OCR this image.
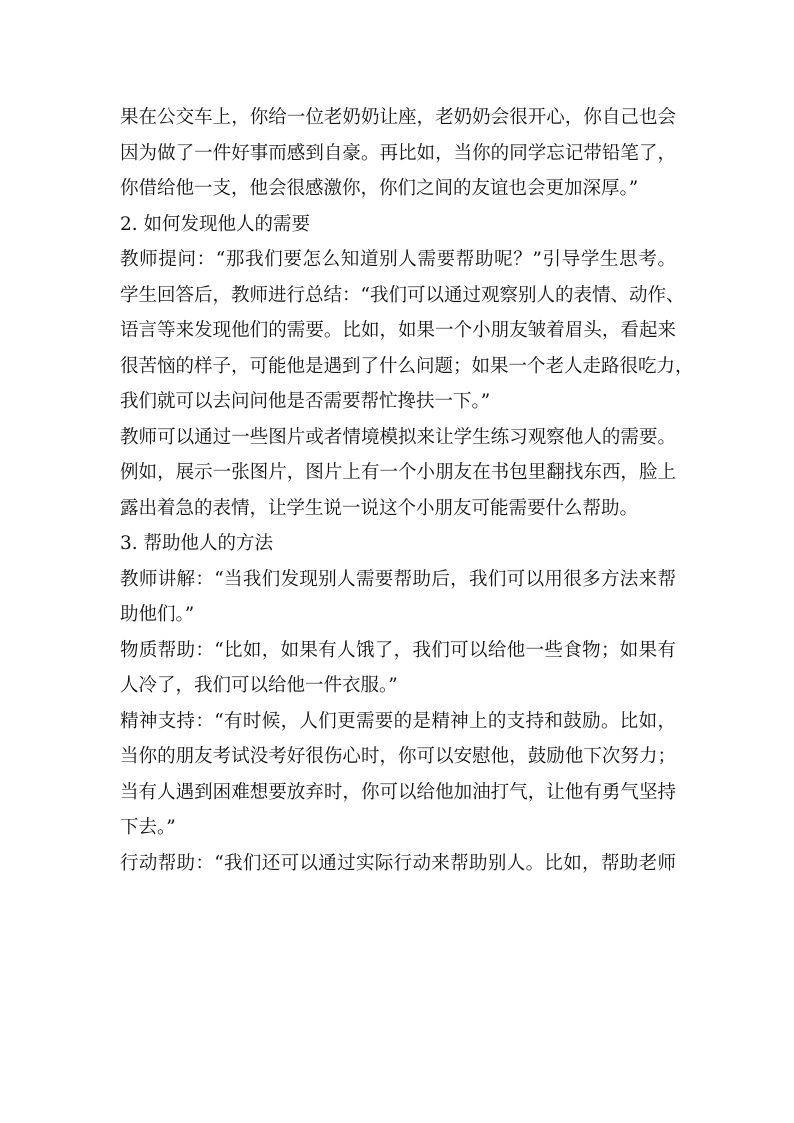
果在公交车上，你给一位老奶奶让座，老奶奶会很开心，你自己也会
因为做了一件好事而感到自豪。再比如，当你的同学忘记带铅笔了，
你借给他一支，他会很感激你，你们之间的友谊也会更加深厚。”
2. 如何发现他人的需要
教师提问：“那我们要怎么知道别人需要帮助呢？”引导学生思考。
学生回答后，教师进行总结：“我们可以通过观察别人的表情、动作、
语言等来发现他们的需要。比如，如果一个小朋友皱着眉头，看起来
很苦恼的样子，可能他是遇到了什么问题；如果一个老人走路很吃力，
我们就可以去问问他是否需要帮忙搀扶一下。”
教师可以通过一些图片或者情境模拟来让学生练习观察他人的需要。
例如，展示一张图片，图片上有一个小朋友在书包里翻找东西，脸上
露出着急的表情，让学生说一说这个小朋友可能需要什么帮助。
3. 帮助他人的方法
教师讲解：“当我们发现别人需要帮助后，我们可以用很多方法来帮
助他们。”
物质帮助：“比如，如果有人饿了，我们可以给他一些食物；如果有
人冷了，我们可以给他一件衣服。”
精神支持：“有时候，人们更需要的是精神上的支持和鼓励。比如，
当你的朋友考试没考好很伤心时，你可以安慰他，鼓励他下次努力；
当有人遇到困难想要放弃时，你可以给他加油打气，让他有勇气坚持
下去。”
行动帮助：“我们还可以通过实际行动来帮助别人。比如，帮助老师
